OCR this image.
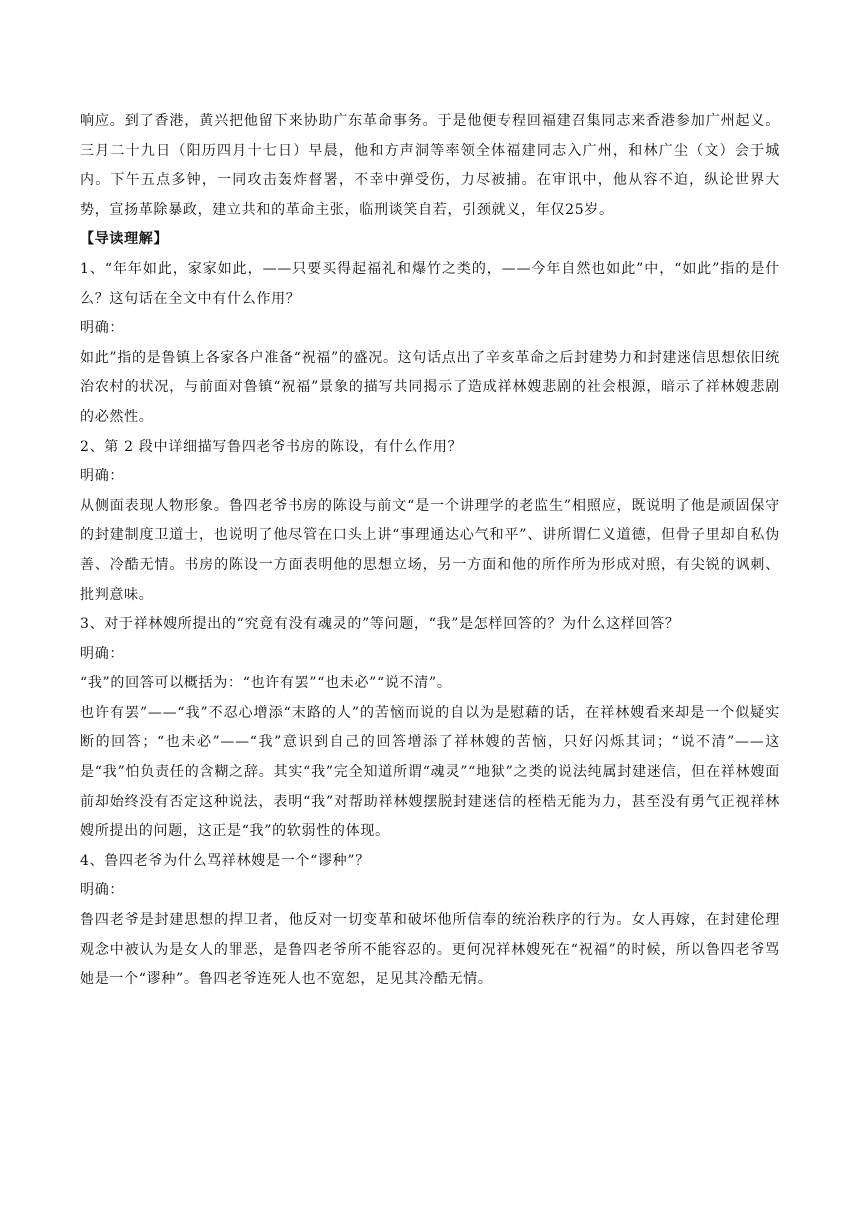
响应。到了香港，黄兴把他留下来协助广东革命事务。于是他便专程回福建召集同志来香港参加广州起义。三月二十九日（阳历四月十七日）早晨，他和方声洞等率领全体福建同志入广州，和林广尘（文）会于城内。下午五点多钟，一同攻击轰炸督署，不幸中弹受伤，力尽被捕。在审讯中，他从容不迫，纵论世界大势，宣扬革除暴政，建立共和的革命主张，临刑谈笑自若，引颈就义，年仅25岁。

【导读理解】

1、“年年如此，家家如此，——只要买得起福礼和爆竹之类的，——今年自然也如此”中，“如此”指的是什么？这句话在全文中有什么作用？

明确：

如此”指的是鲁镇上各家各户准备“祝福”的盛况。这句话点出了辛亥革命之后封建势力和封建迷信思想依旧统治农村的状况，与前面对鲁镇“祝福”景象的描写共同揭示了造成祥林嫂悲剧的社会根源，暗示了祥林嫂悲剧的必然性。

2、第 2 段中详细描写鲁四老爷书房的陈设，有什么作用？

明确：

从侧面表现人物形象。鲁四老爷书房的陈设与前文“是一个讲理学的老监生”相照应，既说明了他是顽固保守的封建制度卫道士，也说明了他尽管在口头上讲“事理通达心气和平”、讲所谓仁义道德，但骨子里却自私伪善、冷酷无情。书房的陈设一方面表明他的思想立场，另一方面和他的所作所为形成对照，有尖锐的讽刺、批判意味。

3、对于祥林嫂所提出的“究竟有没有魂灵的”等问题，“我”是怎样回答的？为什么这样回答？

明确：

“我”的回答可以概括为：“也许有罢”“也未必”“说不清”。

也许有罢”——“我”不忍心增添“末路的人”的苦恼而说的自以为是慰藉的话，在祥林嫂看来却是一个似疑实断的回答；“也未必”——“我”意识到自己的回答增添了祥林嫂的苦恼，只好闪烁其词；“说不清”——这是“我”怕负责任的含糊之辞。其实“我”完全知道所谓“魂灵”“地狱”之类的说法纯属封建迷信，但在祥林嫂面前却始终没有否定这种说法，表明“我”对帮助祥林嫂摆脱封建迷信的桎梏无能为力，甚至没有勇气正视祥林嫂所提出的问题，这正是“我”的软弱性的体现。

4、鲁四老爷为什么骂祥林嫂是一个“谬种”？

明确：

鲁四老爷是封建思想的捍卫者，他反对一切变革和破坏他所信奉的统治秩序的行为。女人再嫁，在封建伦理观念中被认为是女人的罪恶，是鲁四老爷所不能容忍的。更何况祥林嫂死在“祝福”的时候，所以鲁四老爷骂她是一个“谬种”。鲁四老爷连死人也不宽恕，足见其冷酷无情。
